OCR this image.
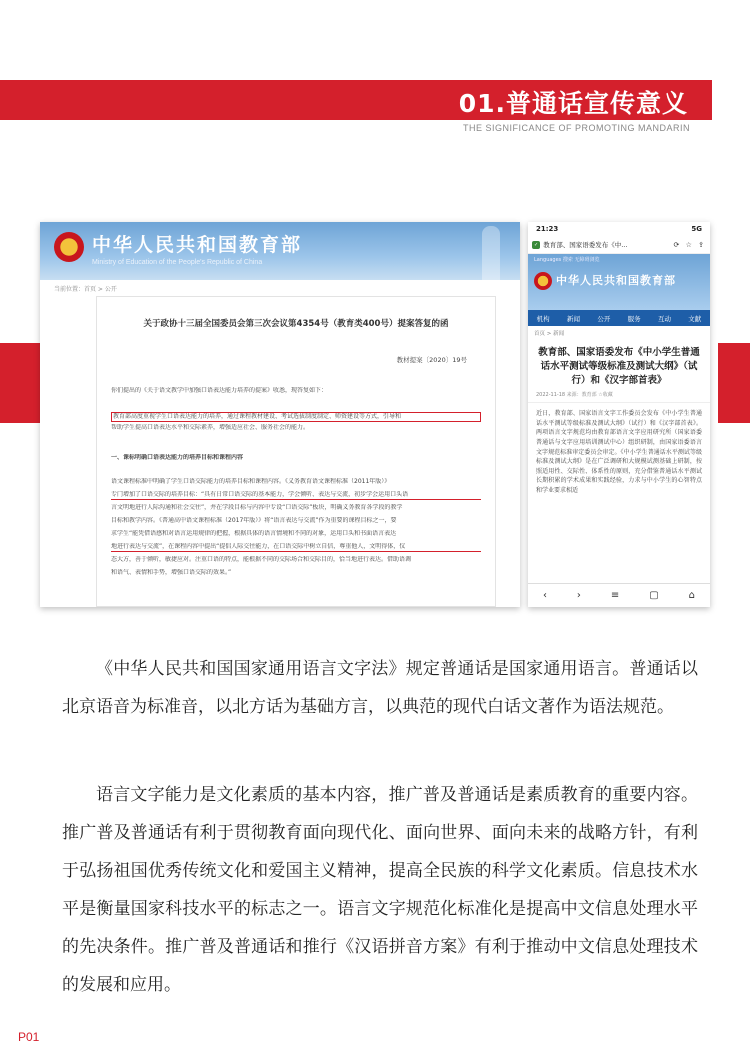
01.普通话宣传意义
THE SIGNIFICANCE OF PROMOTING MANDARIN
中华人民共和国教育部
Ministry of Education of the People's Republic of China
当前位置：首页 > 公开
关于政协十三届全国委员会第三次会议第4354号（教育类400号）提案答复的函
教材提案〔2020〕19号
你们提出的《关于语文教学中加强口语表达能力培养的提案》收悉，现答复如下：
教育部高度重视学生口语表达能力的培养，通过课程教材建设、考试选拔制度制定、师资建设等方式，引导和
帮助学生提高口语表达水平和交际素养，增强适应社会、服务社会的能力。
一、课标明确口语表达能力的培养目标和课程内容
语文课程标准中明确了学生口语交际能力的培养目标和课程内容。《义务教育语文课程标准（2011年版）》
专门增加了口语交际的培养目标：“具有日常口语交际的基本能力，学会倾听、表达与交流，初步学会运用口头语
言文明地进行人际沟通和社会交往”，并在学段目标与内容中专设“口语交际”板块，明确义务教育各学段的教学
目标和教学内容。《普通高中语文课程标准（2017年版）》将“语言表达与交流”作为重要的课程目标之一，要
求学生“能凭借语感和对语言运用规律的把握，根据具体的语言情境和不同的对象，运用口头和书面语言表达
地进行表达与交流”，在课程内容中提出“提倡人际交往能力，在口语交际中树立自信，尊重他人，文明得体，仪
态大方，善于倾听，敏捷应对。注重口语的特点，能根据不同的交际场合和交际目的，恰当地进行表达。借助语调
和语气、表情和手势，增强口语交际的效果。”
21:23	5G
✓ 教育部、国家语委发布《中...	⟳ ☆ ⇪
Languages 搜索 无障碍浏览
中华人民共和国教育部
机构	新闻	公开	服务	互动	文献
首页 > 新闻
教育部、国家语委发布《中小学生普通话水平测试等级标准及测试大纲》（试行）和《汉字部首表》
2022-11-18 来源：教育部 ☆收藏
近日，教育部、国家语言文字工作委员会发布《中小学生普通话水平测试等级标准及测试大纲》（试行）和《汉字部首表》。两项语言文字规范均由教育部语言文字应用研究所（国家语委普通话与文字应用培训测试中心）组织研制，由国家语委语言文字规范标准审定委员会审定。《中小学生普通话水平测试等级标准及测试大纲》是在广泛调研和大规模试测基础上研制，按照适用性、交际性、体系性的原则，充分借鉴普通话水平测试长期积累的学术成果和实践经验，力求与中小学生的心智特点和学业要求相适
‹	›	≡	▢	⌂
《中华人民共和国国家通用语言文字法》规定普通话是国家通用语言。普通话以北京语音为标准音，以北方话为基础方言，以典范的现代白话文著作为语法规范。
语言文字能力是文化素质的基本内容，推广普及普通话是素质教育的重要内容。推广普及普通话有利于贯彻教育面向现代化、面向世界、面向未来的战略方针，有利于弘扬祖国优秀传统文化和爱国主义精神，提高全民族的科学文化素质。信息技术水平是衡量国家科技水平的标志之一。语言文字规范化标准化是提高中文信息处理水平的先决条件。推广普及普通话和推行《汉语拼音方案》有利于推动中文信息处理技术的发展和应用。
P01
